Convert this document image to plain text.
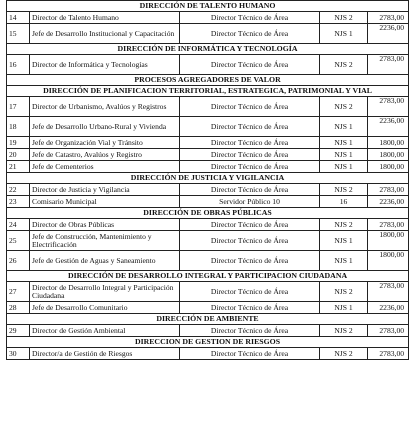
DIRECCIÓN DE TALENTO HUMANO				
14	Director de Talento Humano	Director Técnico de Área	NJS 2	2783,00
15	Jefe de Desarrollo Institucional y Capacitación	Director Técnico de Área	NJS 1	2236,00
DIRECCIÓN DE INFORMÁTICA Y TECNOLOGÍA				
16	Director de Informática y Tecnologías	Director Técnico de Área	NJS 2	2783,00
PROCESOS AGREGADORES DE VALOR				
DIRECCIÓN DE PLANIFICACION TERRITORIAL, ESTRATEGICA, PATRIMONIAL Y VIAL				
17	Director de Urbanismo, Avalúos y Registros	Director Técnico de Área	NJS 2	2783,00
18	Jefe de Desarrollo Urbano-Rural y Vivienda	Director Técnico de Área	NJS 1	2236,00
19	Jefe de Organización Vial y Tránsito	Director Técnico de Área	NJS 1	1800,00
20	Jefe de Catastro, Avalúos y Registro	Director Técnico de Área	NJS 1	1800,00
21	Jefe de Cementerios	Director Técnico de Área	NJS 1	1800,00
DIRECCIÓN DE JUSTICIA Y VIGILANCIA				
22	Director de Justicia y Vigilancia	Director Técnico de Área	NJS 2	2783,00
23	Comisario Municipal	Servidor Público 10	16	2236,00
DIRECCIÓN DE OBRAS PÚBLICAS				
24	Director de Obras Públicas	Director Técnico de Área	NJS 2	2783,00
25	Jefe de Construcción, Mantenimiento y Electrificación	Director Técnico de Área	NJS 1	1800,00
26	Jefe de Gestión de Aguas y Saneamiento	Director Técnico de Área	NJS 1	1800,00
DIRECCIÓN DE DESARROLLO INTEGRAL Y PARTICIPACION CIUDADANA				
27	Director de Desarrollo Integral y Participación Ciudadana	Director Técnico de Área	NJS 2	2783,00
28	Jefe de Desarrollo Comunitario	Director Técnico de Área	NJS 1	2236,00
DIRECCIÓN DE AMBIENTE				
29	Director de Gestión Ambiental	Director Técnico de Área	NJS 2	2783,00
DIRECCION DE GESTION DE RIESGOS				
30	Director/a de Gestión de Riesgos	Director Técnico de Área	NJS 2	2783,00
